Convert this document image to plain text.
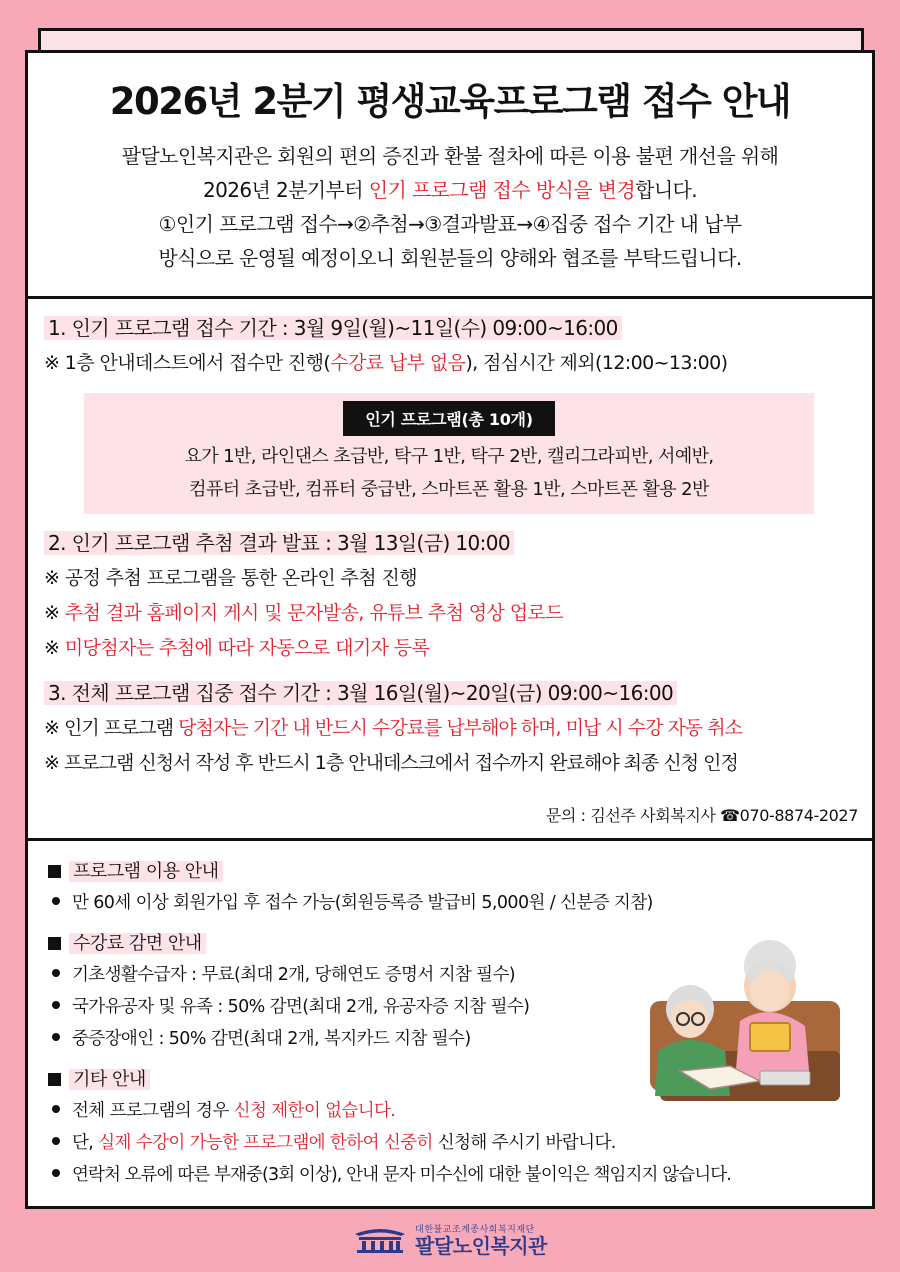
2026년 2분기 평생교육프로그램 접수 안내

팔달노인복지관은 회원의 편의 증진과 환불 절차에 따른 이용 불편 개선을 위해

2026년 2분기부터 인기 프로그램 접수 방식을 변경합니다.

①인기 프로그램 접수→②추첨→③결과발표→④집중 접수 기간 내 납부

방식으로 운영될 예정이오니 회원분들의 양해와 협조를 부탁드립니다.

1. 인기 프로그램 접수 기간 : 3월 9일(월)~11일(수) 09:00~16:00

※ 1층 안내데스트에서 접수만 진행(수강료 납부 없음), 점심시간 제외(12:00~13:00)

인기 프로그램(총 10개)

요가 1반, 라인댄스 초급반, 탁구 1반, 탁구 2반, 캘리그라피반, 서예반,

컴퓨터 초급반, 컴퓨터 중급반, 스마트폰 활용 1반, 스마트폰 활용 2반

2. 인기 프로그램 추첨 결과 발표 : 3월 13일(금) 10:00

※ 공정 추첨 프로그램을 통한 온라인 추첨 진행

※ 추첨 결과 홈페이지 게시 및 문자발송, 유튜브 추첨 영상 업로드

※ 미당첨자는 추첨에 따라 자동으로 대기자 등록

3. 전체 프로그램 집중 접수 기간 : 3월 16일(월)~20일(금) 09:00~16:00

※ 인기 프로그램 당첨자는 기간 내 반드시 수강료를 납부해야 하며, 미납 시 수강 자동 취소

※ 프로그램 신청서 작성 후 반드시 1층 안내데스크에서 접수까지 완료해야 최종 신청 인정

문의 : 김선주 사회복지사 ☎070-8874-2027

프로그램 이용 안내

만 60세 이상 회원가입 후 접수 가능(회원등록증 발급비 5,000원 / 신분증 지참)

수강료 감면 안내

기초생활수급자 : 무료(최대 2개, 당해연도 증명서 지참 필수)

국가유공자 및 유족 : 50% 감면(최대 2개, 유공자증 지참 필수)

중증장애인 : 50% 감면(최대 2개, 복지카드 지참 필수)

기타 안내

전체 프로그램의 경우 신청 제한이 없습니다.

단, 실제 수강이 가능한 프로그램에 한하여 신중히 신청해 주시기 바랍니다.

연락처 오류에 따른 부재중(3회 이상), 안내 문자 미수신에 대한 불이익은 책임지지 않습니다.

대한불교조계종사회복지재단
팔달노인복지관
